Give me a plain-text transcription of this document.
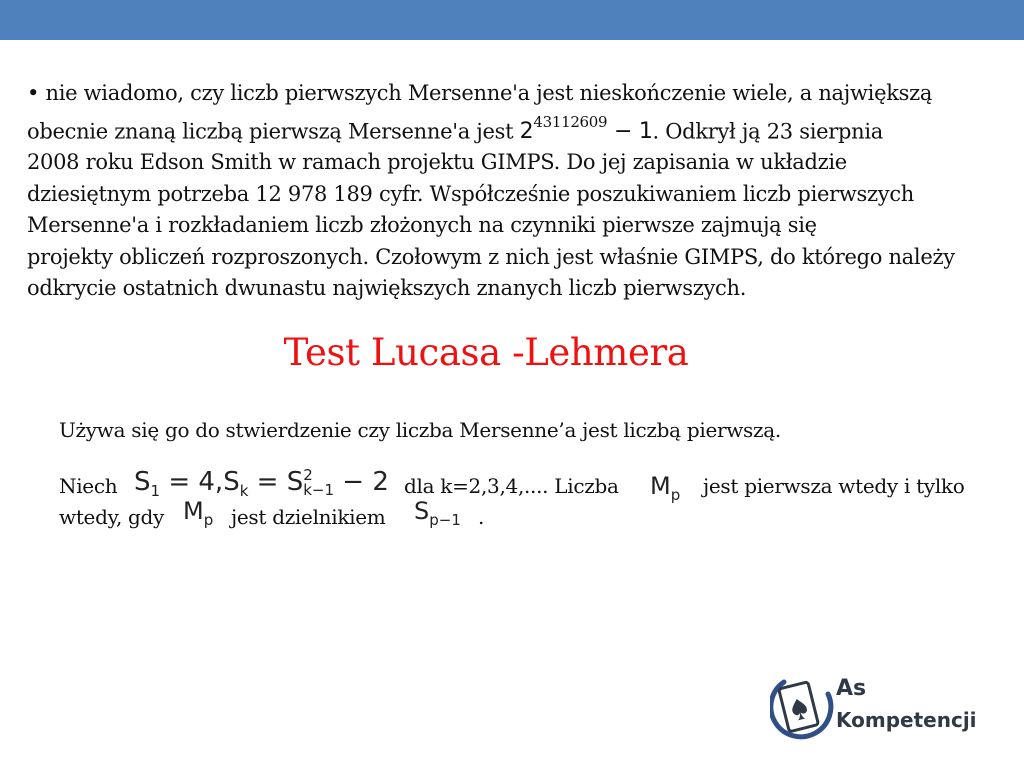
• nie wiadomo, czy liczb pierwszych Mersenne'a jest nieskończenie wiele, a największą
obecnie znaną liczbą pierwszą Mersenne'a jest $2^{43112609} - 1$. Odkrył ją 23 sierpnia
2008 roku Edson Smith w ramach projektu GIMPS. Do jej zapisania w układzie
dziesiętnym potrzeba 12 978 189 cyfr. Współcześnie poszukiwaniem liczb pierwszych
Mersenne'a i rozkładaniem liczb złożonych na czynniki pierwsze zajmują się
projekty obliczeń rozproszonych. Czołowym z nich jest właśnie GIMPS, do którego należy
odkrycie ostatnich dwunastu największych znanych liczb pierwszych.
Test Lucasa -Lehmera
Używa się go do stwierdzenie czy liczba Mersenne’a jest liczbą pierwszą.
Niech $S_1 = 4,S_k = S$ 2
k−1 − 2 dla k=2,3,4,.... Liczba $M_p$ jest pierwsza wtedy i tylko
wtedy, gdy $M_p$ jest dzielnikiem $S_{p-1}$ .
As
Kompetencji
